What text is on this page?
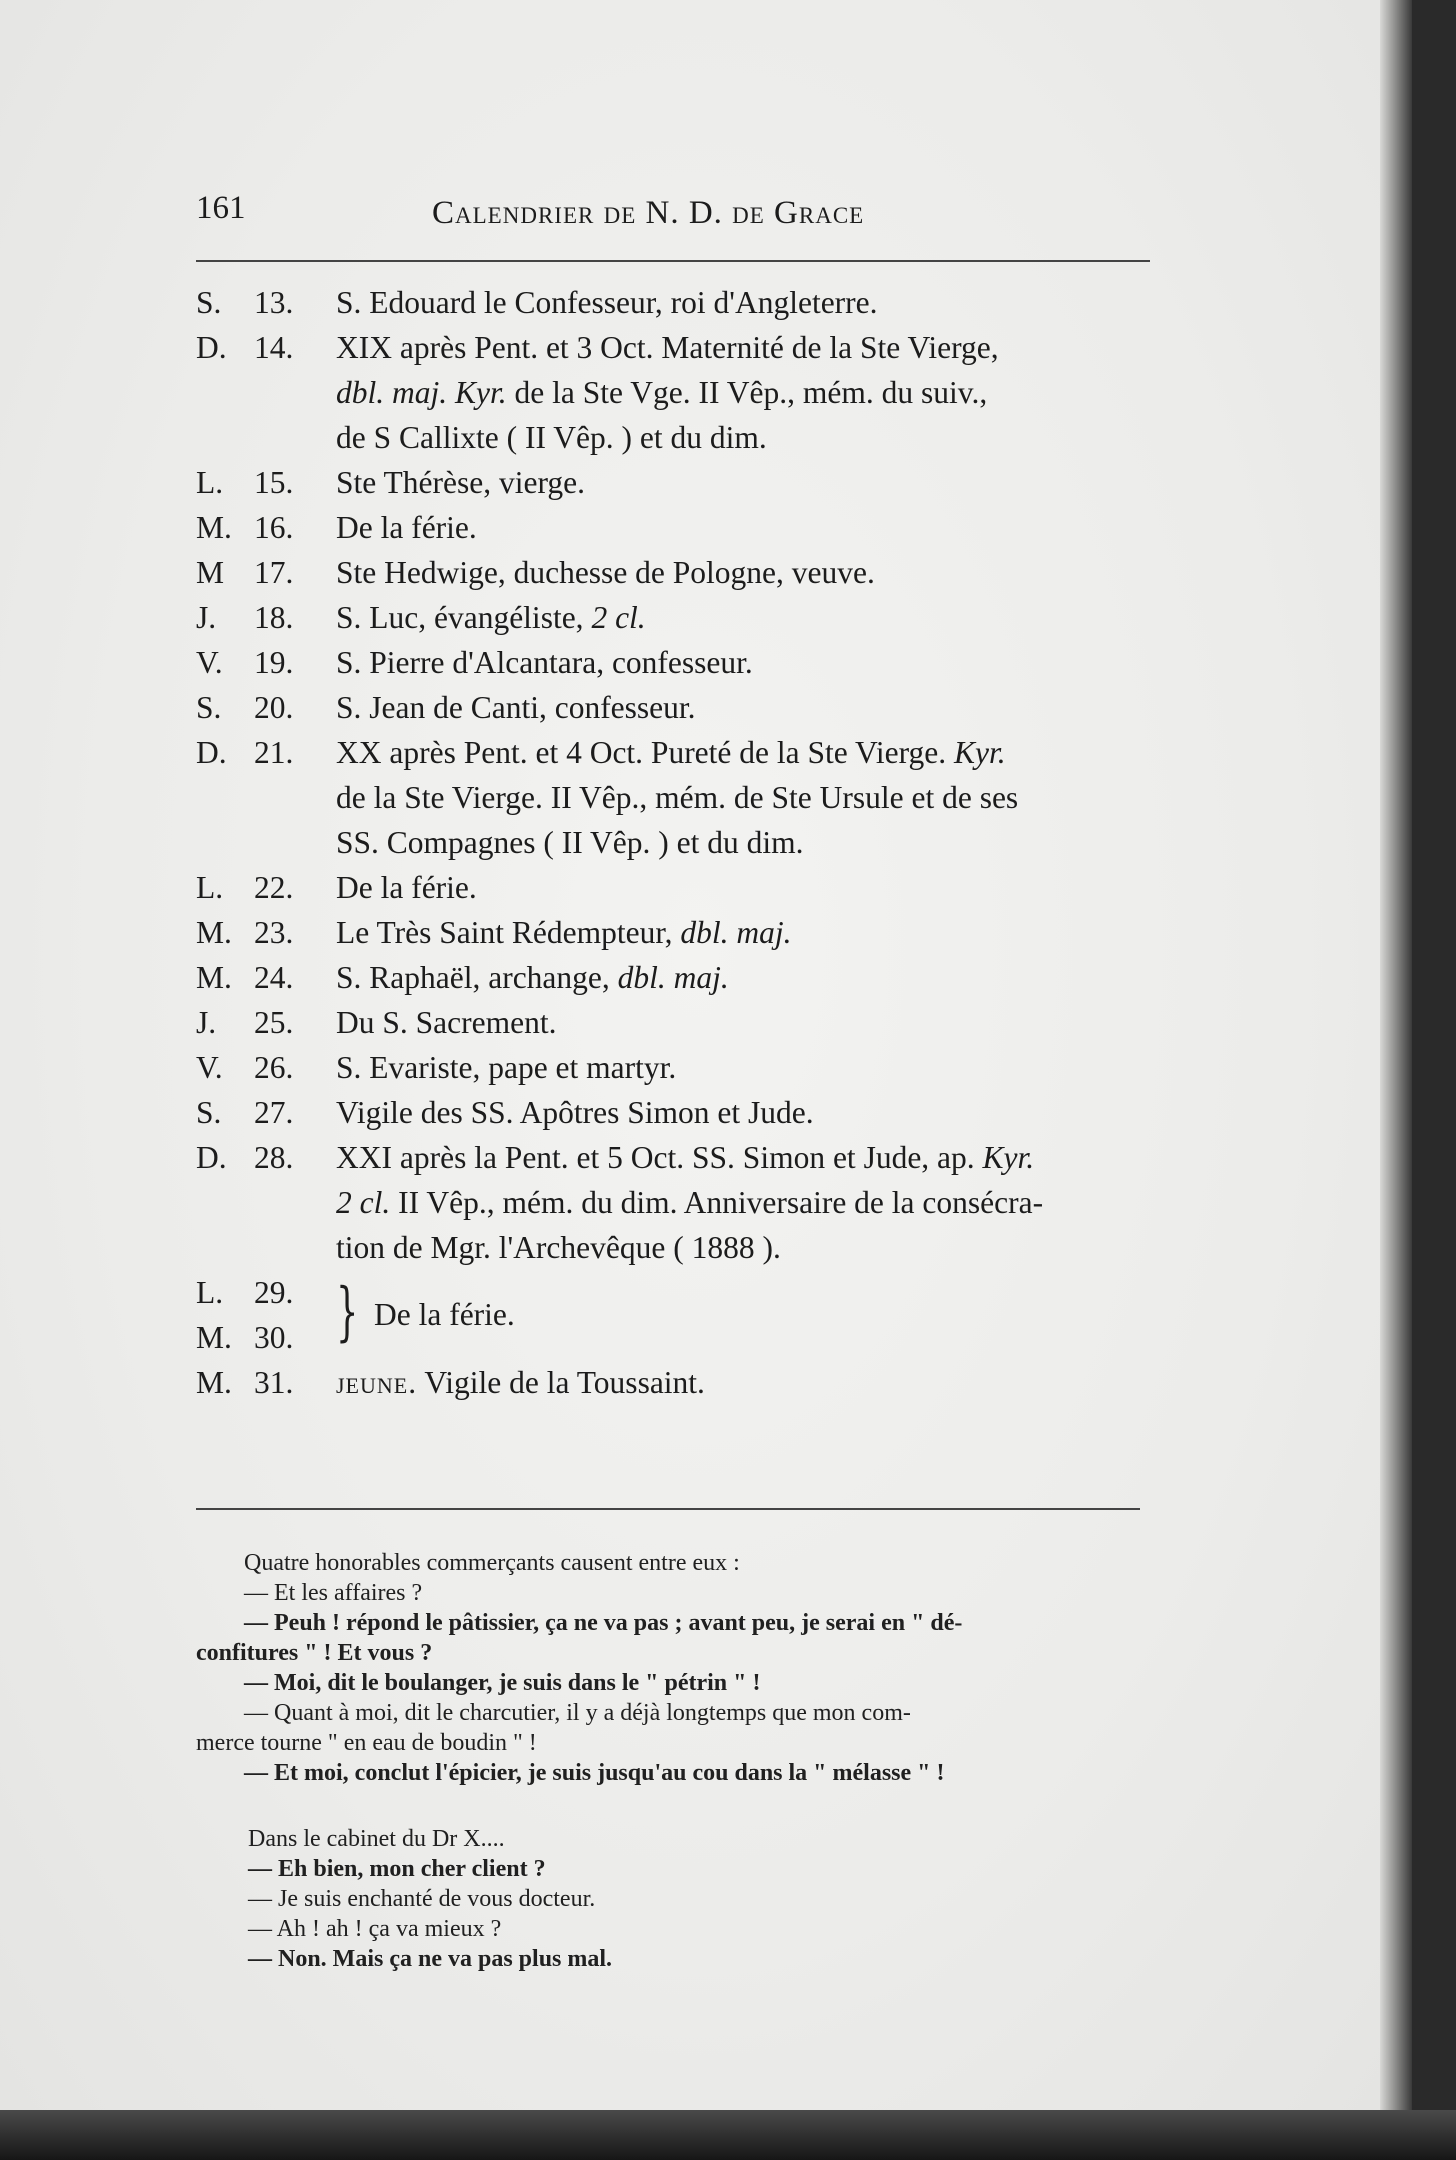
161	Calendrier de N. D. de Grace
S.	13.	S. Edouard le Confesseur, roi d'Angleterre.
D. 14.	XIX après Pent. et 3 Oct. Maternité de la Ste Vierge,
dbl. maj. Kyr. de la Ste Vge. II Vêp., mém. du suiv.,
de S Callixte ( II Vêp. ) et du dim.
L. 15.	Ste Thérèse, vierge.
M. 16.	De la férie.
M 17.	Ste Hedwige, duchesse de Pologne, veuve.
J.	18.	S. Luc, évangéliste, 2 cl.
V. 19.	S. Pierre d'Alcantara, confesseur.
S.	20.	S. Jean de Canti, confesseur.
D. 21.	XX après Pent. et 4 Oct. Pureté de la Ste Vierge. Kyr.
de la Ste Vierge. II Vêp., mém. de Ste Ursule et de ses
SS. Compagnes ( II Vêp. ) et du dim.
L. 22.	De la férie.
M. 23.	Le Très Saint Rédempteur, dbl. maj.
M. 24.	S. Raphaël, archange, dbl. maj.
J.	25.	Du S. Sacrement.
V. 26.	S. Evariste, pape et martyr.
S.	27.	Vigile des SS. Apôtres Simon et Jude.
D. 28.	XXI après la Pent. et 5 Oct. SS. Simon et Jude, ap. Kyr.
2 cl. II Vêp., mém. du dim. Anniversaire de la consécra-
tion de Mgr. l'Archevêque ( 1888 ).
L. 29.
M. 30. } De la férie.
M. 31.	jeune. Vigile de la Toussaint.
Quatre honorables commerçants causent entre eux :
— Et les affaires ?
— Peuh ! répond le pâtissier, ça ne va pas ; avant peu, je serai en " dé-
confitures " ! Et vous ?
— Moi, dit le boulanger, je suis dans le " pétrin " !
— Quant à moi, dit le charcutier, il y a déjà longtemps que mon com-
merce tourne " en eau de boudin " !
— Et moi, conclut l'épicier, je suis jusqu'au cou dans la " mélasse " !
Dans le cabinet du Dr X....
— Eh bien, mon cher client ?
— Je suis enchanté de vous docteur.
— Ah ! ah ! ça va mieux ?
— Non. Mais ça ne va pas plus mal.
